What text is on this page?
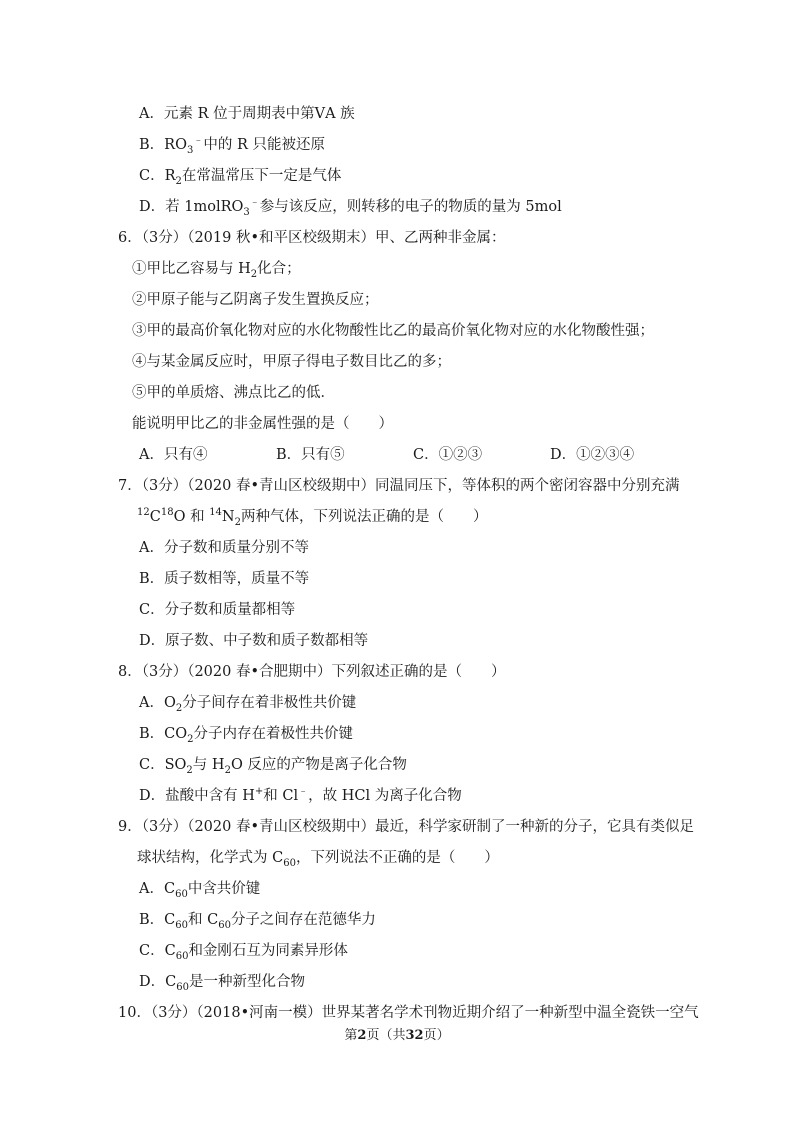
A．元素 R 位于周期表中第ⅤA 族
B．$RO_3^﹣$中的 R 只能被还原
C．$R_2$在常温常压下一定是气体
D．若 1molRO$_3$﹣参与该反应，则转移的电子的物质的量为 5mol
6．（3分）（2019 秋•和平区校级期末）甲、乙两种非金属：
①甲比乙容易与 $H_2$化合；
②甲原子能与乙阴离子发生置换反应；
③甲的最高价氧化物对应的水化物酸性比乙的最高价氧化物对应的水化物酸性强；
④与某金属反应时，甲原子得电子数目比乙的多；
⑤甲的单质熔、沸点比乙的低．
能说明甲比乙的非金属性强的是（　　）
A．只有④	B．只有⑤	C．①②③	D．①②③④
7．（3分）（2020 春•青山区校级期中）同温同压下，等体积的两个密闭容器中分别充满
$^{12}C^{18}O$ 和 $^{14}N_2$两种气体，下列说法正确的是（　　）
A．分子数和质量分别不等
B．质子数相等，质量不等
C．分子数和质量都相等
D．原子数、中子数和质子数都相等
8．（3分）（2020 春•合肥期中）下列叙述正确的是（　　）
A．$O_2$分子间存在着非极性共价键
B．$CO_2$分子内存在着极性共价键
C．$SO_2$与 $H_2O$ 反应的产物是离子化合物
D．盐酸中含有 H+和 Cl﹣，故 HCl 为离子化合物
9．（3分）（2020 春•青山区校级期中）最近，科学家研制了一种新的分子，它具有类似足
球状结构，化学式为 $C_{60}$，下列说法不正确的是（　　）
A．$C_{60}$中含共价键
B．$C_{60}$和 $C_{60}$分子之间存在范德华力
C．$C_{60}$和金刚石互为同素异形体
D．$C_{60}$是一种新型化合物
10．（3分）（2018•河南一模）世界某著名学术刊物近期介绍了一种新型中温全瓷铁一空气
第2页（共32页）
